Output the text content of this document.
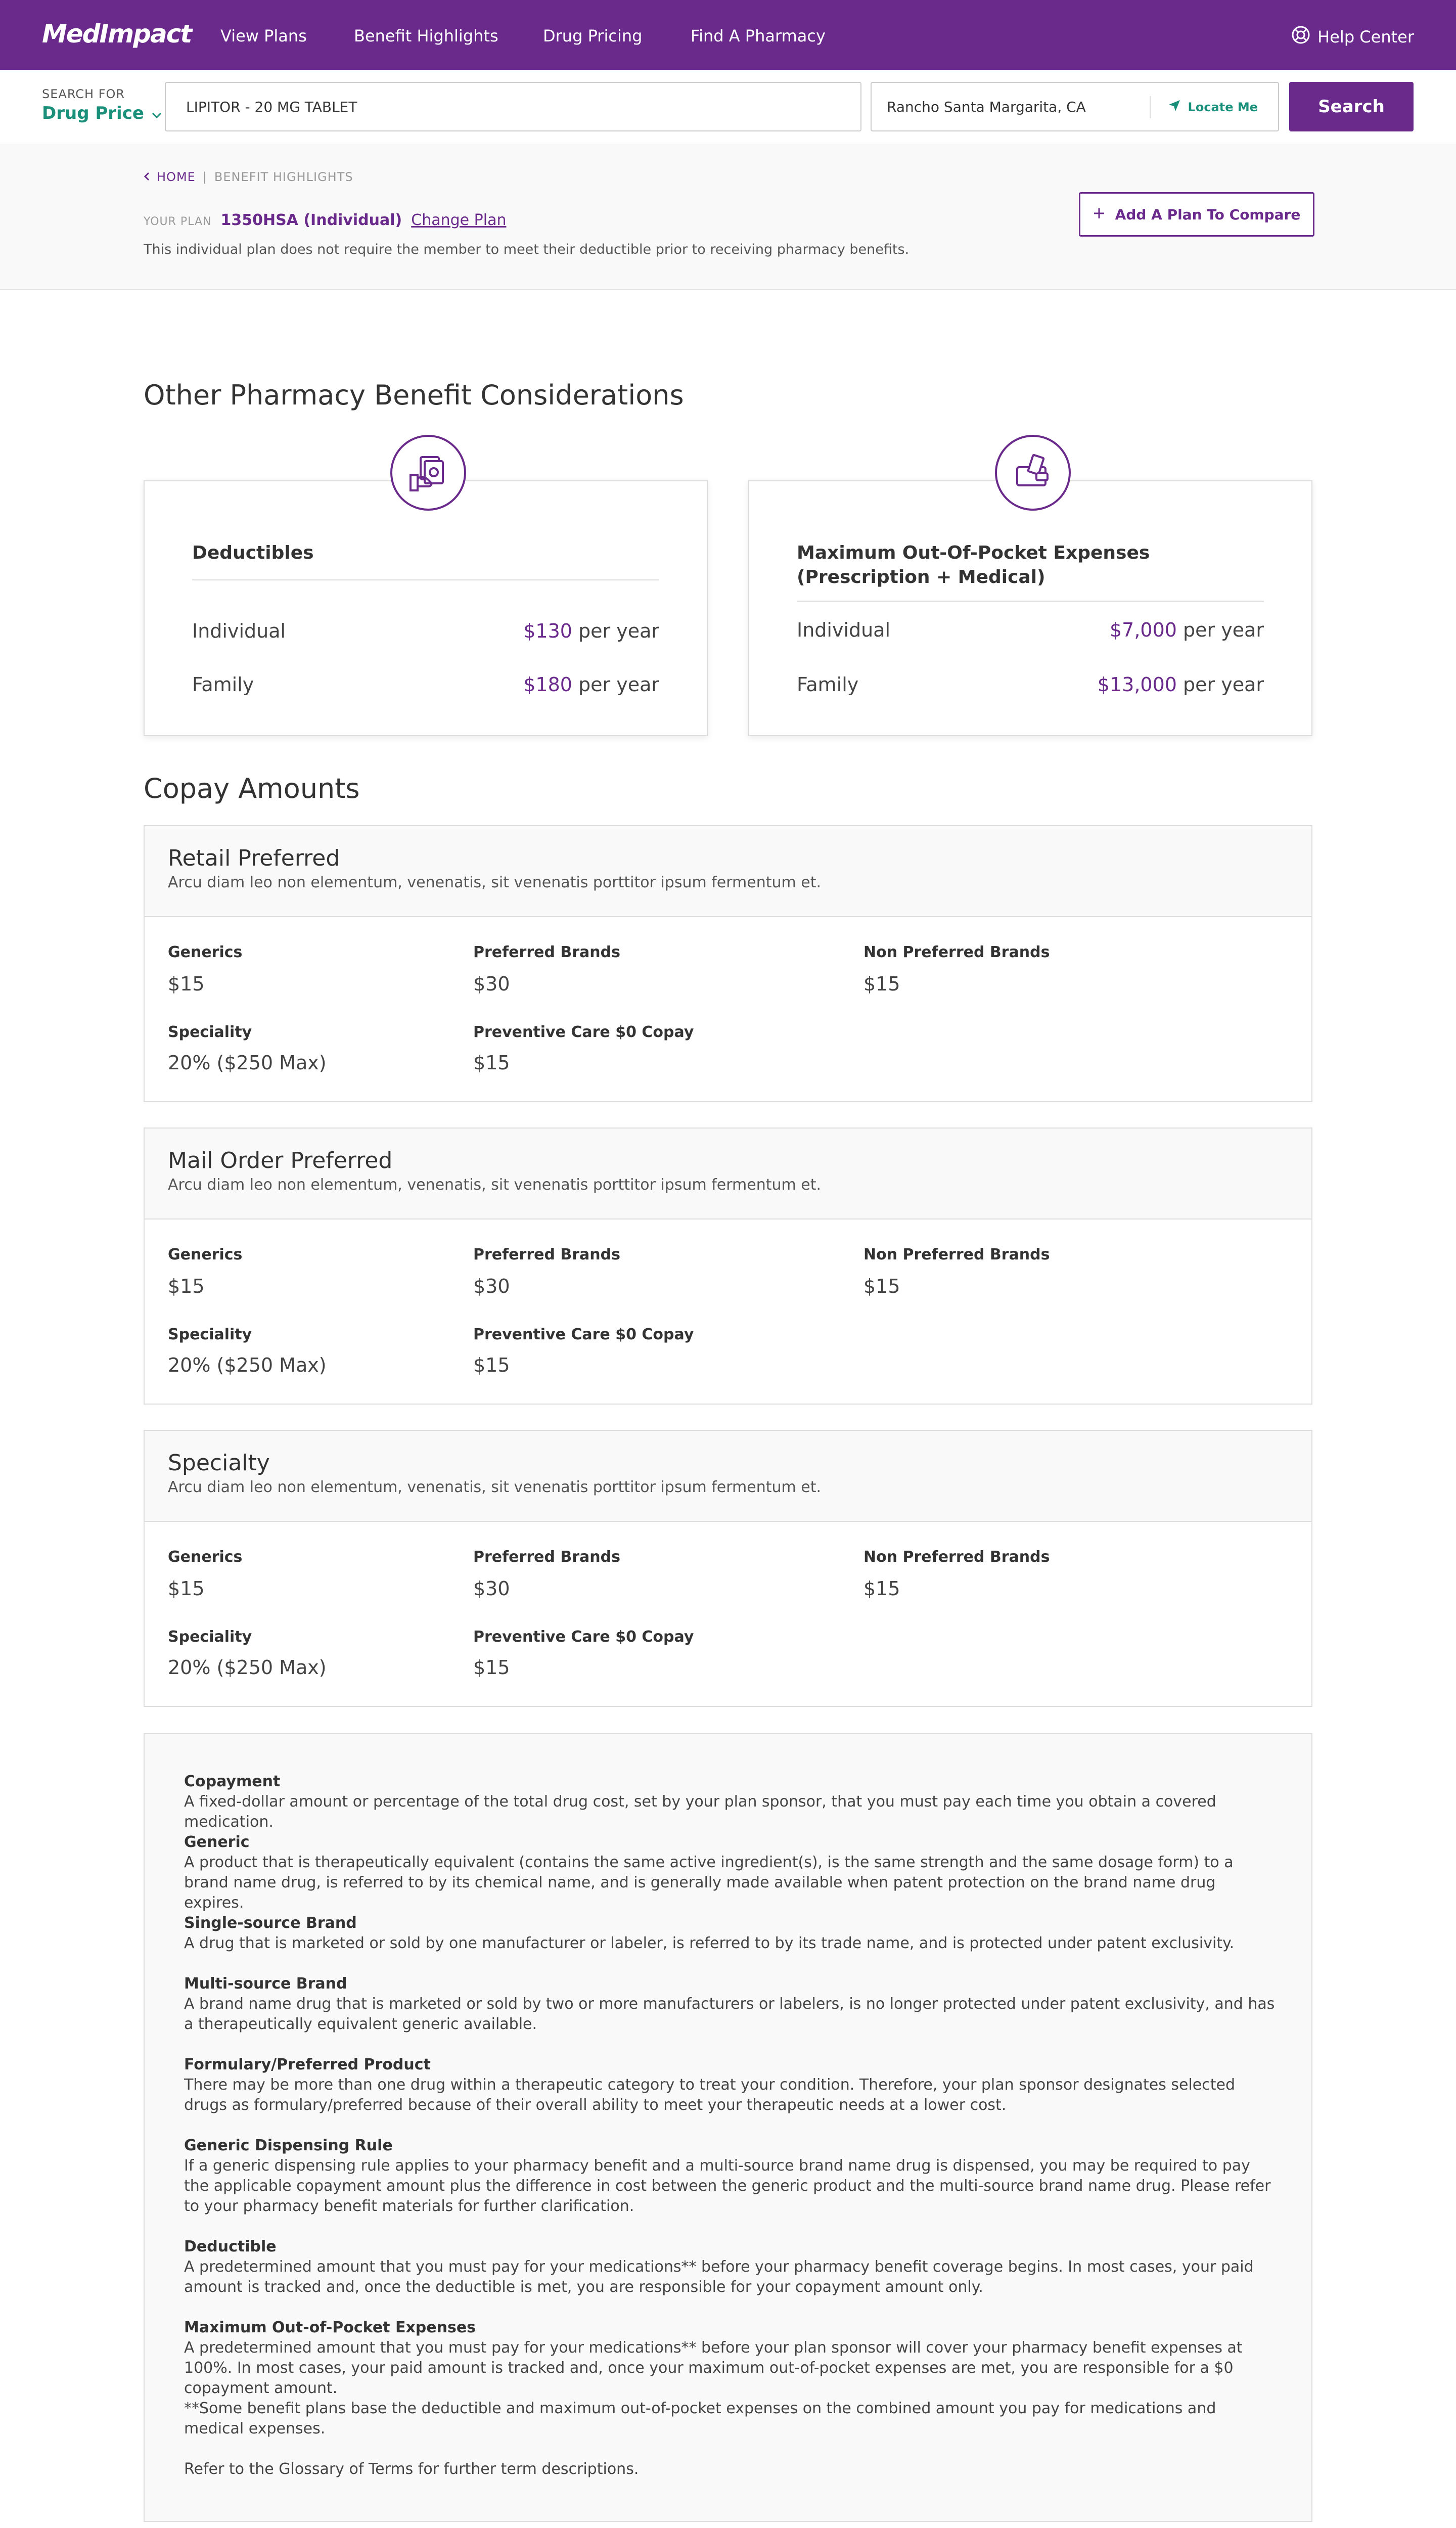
MedImpact View Plans	Benefit Highlights	Drug Pricing	Find A Pharmacy	Help Center
SEARCH FOR
Drug Price	LIPITOR - 20 MG TABLET	Rancho Santa Margarita, CA	Locate Me	Search
HOME | BENEFIT HIGHLIGHTS
YOUR PLAN 1350HSA (Individual) Change Plan
This individual plan does not require the member to meet their deductible prior to receiving pharmacy benefits.
Add A Plan To Compare
Other Pharmacy Benefit Considerations
Deductibles
Individual	$130 per year
Family	$180 per year
Maximum Out-Of-Pocket Expenses
(Prescription + Medical)
Individual	$7,000 per year
Family	$13,000 per year
Copay Amounts
Retail Preferred
Arcu diam leo non elementum, venenatis, sit venenatis porttitor ipsum fermentum et.
Generics
$15
Preferred Brands
$30
Non Preferred Brands
$15
Speciality
20% ($250 Max)
Preventive Care $0 Copay
$15
Mail Order Preferred
Arcu diam leo non elementum, venenatis, sit venenatis porttitor ipsum fermentum et.
Generics
$15
Preferred Brands
$30
Non Preferred Brands
$15
Speciality
20% ($250 Max)
Preventive Care $0 Copay
$15
Specialty
Arcu diam leo non elementum, venenatis, sit venenatis porttitor ipsum fermentum et.
Generics
$15
Preferred Brands
$30
Non Preferred Brands
$15
Speciality
20% ($250 Max)
Preventive Care $0 Copay
$15
Copayment
A fixed-dollar amount or percentage of the total drug cost, set by your plan sponsor, that you must pay each time you obtain a covered medication.
Generic
A product that is therapeutically equivalent (contains the same active ingredient(s), is the same strength and the same dosage form) to a brand name drug, is referred to by its chemical name, and is generally made available when patent protection on the brand name drug expires.
Single-source Brand
A drug that is marketed or sold by one manufacturer or labeler, is referred to by its trade name, and is protected under patent exclusivity.
Multi-source Brand
A brand name drug that is marketed or sold by two or more manufacturers or labelers, is no longer protected under patent exclusivity, and has a therapeutically equivalent generic available.
Formulary/Preferred Product
There may be more than one drug within a therapeutic category to treat your condition. Therefore, your plan sponsor designates selected drugs as formulary/preferred because of their overall ability to meet your therapeutic needs at a lower cost.
Generic Dispensing Rule
If a generic dispensing rule applies to your pharmacy benefit and a multi-source brand name drug is dispensed, you may be required to pay the applicable copayment amount plus the difference in cost between the generic product and the multi-source brand name drug. Please refer to your pharmacy benefit materials for further clarification.
Deductible
A predetermined amount that you must pay for your medications** before your pharmacy benefit coverage begins. In most cases, your paid amount is tracked and, once the deductible is met, you are responsible for your copayment amount only.
Maximum Out-of-Pocket Expenses
A predetermined amount that you must pay for your medications** before your plan sponsor will cover your pharmacy benefit expenses at 100%. In most cases, your paid amount is tracked and, once your maximum out-of-pocket expenses are met, you are responsible for a $0 copayment amount.
**Some benefit plans base the deductible and maximum out-of-pocket expenses on the combined amount you pay for medications and medical expenses.
Refer to the Glossary of Terms for further term descriptions.
